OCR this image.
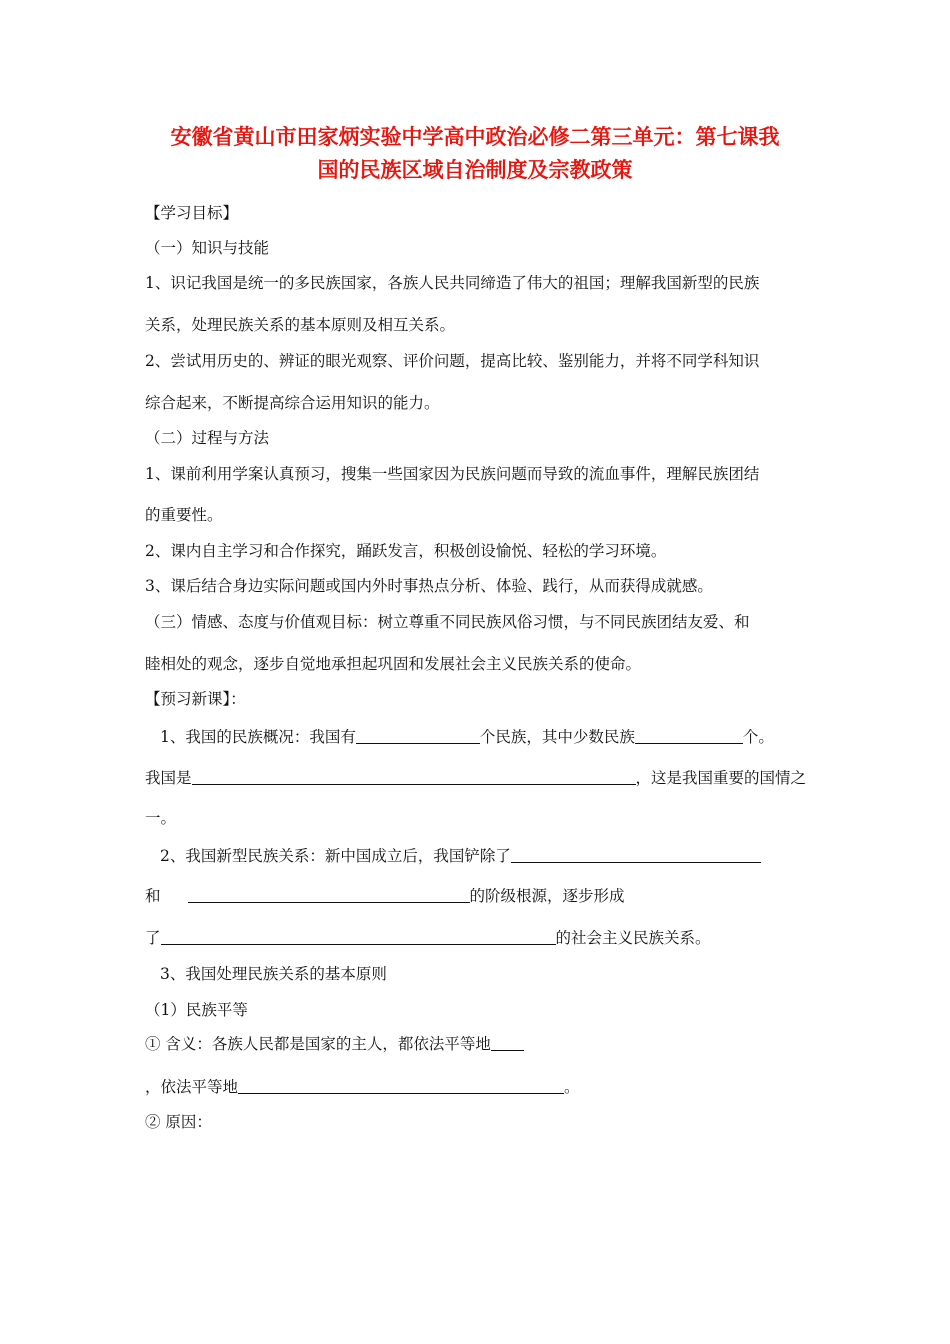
安徽省黄山市田家炳实验中学高中政治必修二第三单元：第七课我
国的民族区域自治制度及宗教政策
【学习目标】
（一）知识与技能
1、识记我国是统一的多民族国家，各族人民共同缔造了伟大的祖国；理解我国新型的民族
关系，处理民族关系的基本原则及相互关系。
2、尝试用历史的、辨证的眼光观察、评价问题，提高比较、鉴别能力，并将不同学科知识
综合起来，不断提高综合运用知识的能力。
（二）过程与方法
1、课前利用学案认真预习，搜集一些国家因为民族问题而导致的流血事件，理解民族团结
的重要性。
2、课内自主学习和合作探究，踊跃发言，积极创设愉悦、轻松的学习环境。
3、课后结合身边实际问题或国内外时事热点分析、体验、践行，从而获得成就感。
（三）情感、态度与价值观目标：树立尊重不同民族风俗习惯，与不同民族团结友爱、和
睦相处的观念，逐步自觉地承担起巩固和发展社会主义民族关系的使命。
【预习新课】：
1、我国的民族概况：我国有	个民族，其中少数民族	个。
我国是	，这是我国重要的国情之
一。
2、我国新型民族关系：新中国成立后，我国铲除了
和	的阶级根源，逐步形成
了	的社会主义民族关系。
3、我国处理民族关系的基本原则
（1）民族平等
① 含义：各族人民都是国家的主人，都依法平等地
，依法平等地	。
② 原因：
